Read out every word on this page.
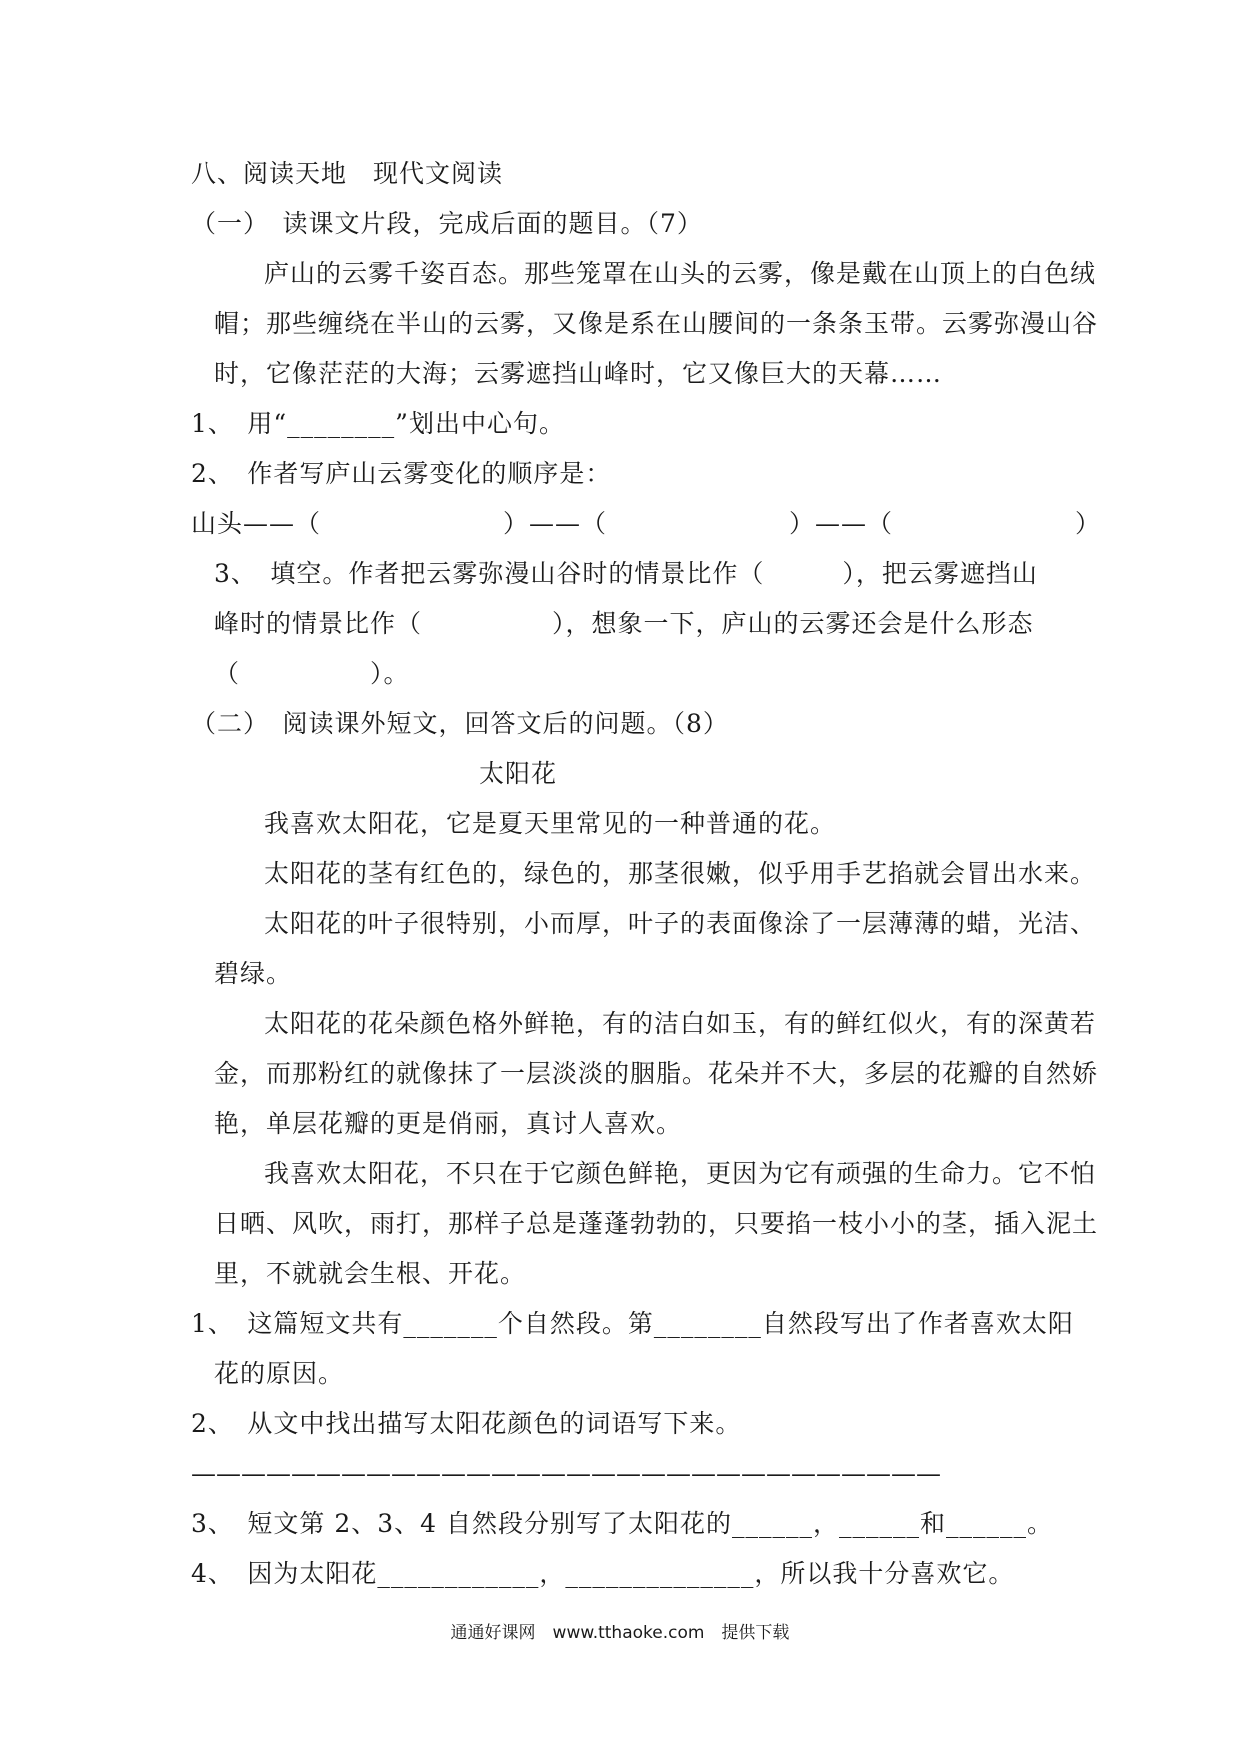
八、阅读天地　现代文阅读
（一）　读课文片段，完成后面的题目。（7）
庐山的云雾千姿百态。那些笼罩在山头的云雾，像是戴在山顶上的白色绒
帽；那些缠绕在半山的云雾，又像是系在山腰间的一条条玉带。云雾弥漫山谷
时，它像茫茫的大海；云雾遮挡山峰时，它又像巨大的天幕……
1、　用“________”划出中心句。
2、　作者写庐山云雾变化的顺序是：
山头——（　　　　　　　）——（　　　　　　　）——（　　　　　　　）
3、　填空。作者把云雾弥漫山谷时的情景比作（　　　），把云雾遮挡山
峰时的情景比作（　　　　　），想象一下，庐山的云雾还会是什么形态
（　　　　　）。
（二）　阅读课外短文，回答文后的问题。（8）
太阳花
我喜欢太阳花，它是夏天里常见的一种普通的花。
太阳花的茎有红色的，绿色的，那茎很嫩，似乎用手艺掐就会冒出水来。
太阳花的叶子很特别，小而厚，叶子的表面像涂了一层薄薄的蜡，光洁、
碧绿。
太阳花的花朵颜色格外鲜艳，有的洁白如玉，有的鲜红似火，有的深黄若
金，而那粉红的就像抹了一层淡淡的胭脂。花朵并不大，多层的花瓣的自然娇
艳，单层花瓣的更是俏丽，真讨人喜欢。
我喜欢太阳花，不只在于它颜色鲜艳，更因为它有顽强的生命力。它不怕
日晒、风吹，雨打，那样子总是蓬蓬勃勃的，只要掐一枝小小的茎，插入泥土
里，不就就会生根、开花。
1、　这篇短文共有_______个自然段。第________自然段写出了作者喜欢太阳
花的原因。
2、　从文中找出描写太阳花颜色的词语写下来。
——————————————————————————————
3、　短文第 2、3、4 自然段分别写了太阳花的______，______和______。
4、　因为太阳花____________，______________，所以我十分喜欢它。
通通好课网　www.tthaoke.com　提供下载
